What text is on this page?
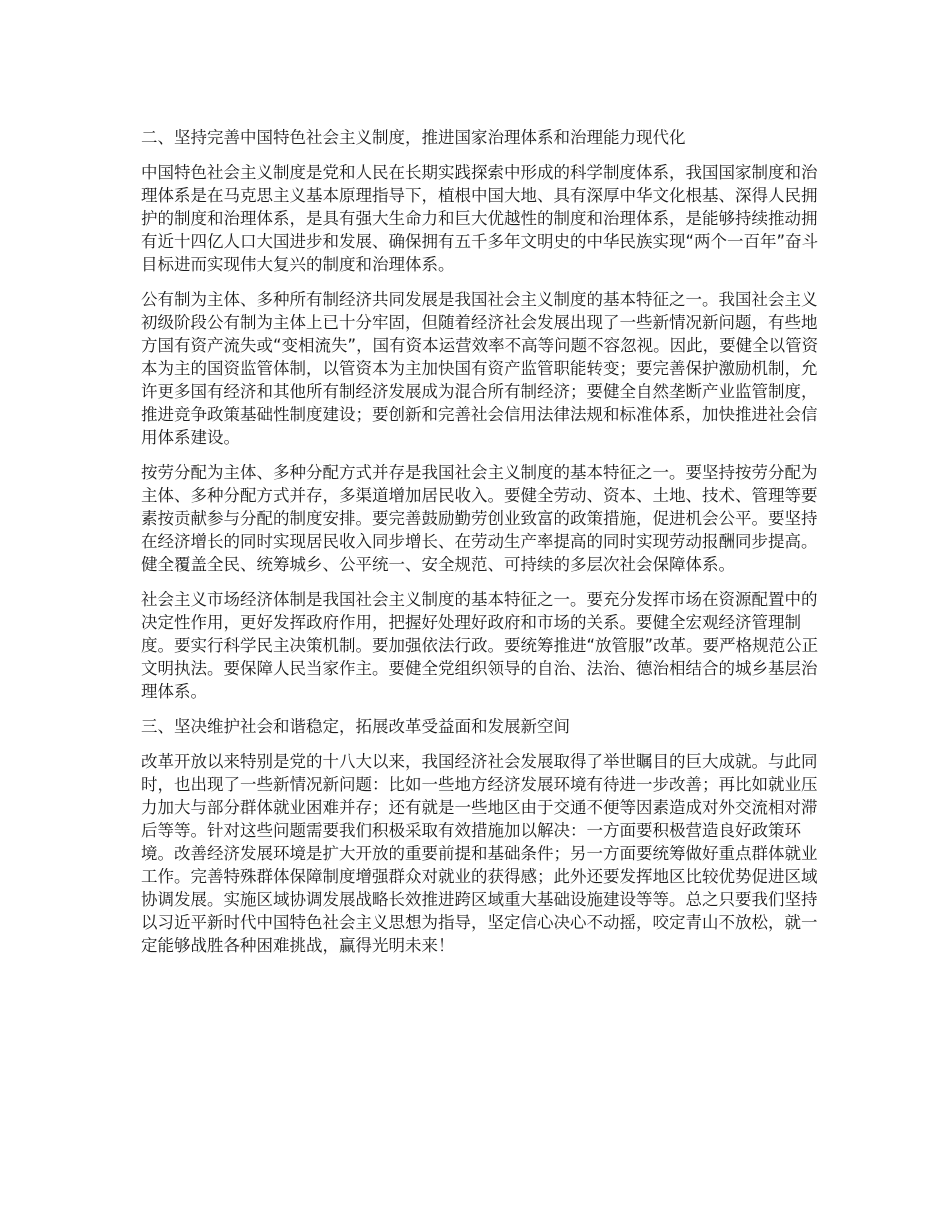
二、坚持完善中国特色社会主义制度，推进国家治理体系和治理能力现代化

中国特色社会主义制度是党和人民在长期实践探索中形成的科学制度体系，我国国家制度和治理体系是在马克思主义基本原理指导下，植根中国大地、具有深厚中华文化根基、深得人民拥护的制度和治理体系，是具有强大生命力和巨大优越性的制度和治理体系，是能够持续推动拥有近十四亿人口大国进步和发展、确保拥有五千多年文明史的中华民族实现“两个一百年”奋斗目标进而实现伟大复兴的制度和治理体系。

公有制为主体、多种所有制经济共同发展是我国社会主义制度的基本特征之一。我国社会主义初级阶段公有制为主体上已十分牢固，但随着经济社会发展出现了一些新情况新问题，有些地方国有资产流失或“变相流失”，国有资本运营效率不高等问题不容忽视。因此，要健全以管资本为主的国资监管体制，以管资本为主加快国有资产监管职能转变；要完善保护激励机制，允许更多国有经济和其他所有制经济发展成为混合所有制经济；要健全自然垄断产业监管制度，推进竞争政策基础性制度建设；要创新和完善社会信用法律法规和标准体系，加快推进社会信用体系建设。

按劳分配为主体、多种分配方式并存是我国社会主义制度的基本特征之一。要坚持按劳分配为主体、多种分配方式并存，多渠道增加居民收入。要健全劳动、资本、土地、技术、管理等要素按贡献参与分配的制度安排。要完善鼓励勤劳创业致富的政策措施，促进机会公平。要坚持在经济增长的同时实现居民收入同步增长、在劳动生产率提高的同时实现劳动报酬同步提高。健全覆盖全民、统筹城乡、公平统一、安全规范、可持续的多层次社会保障体系。

社会主义市场经济体制是我国社会主义制度的基本特征之一。要充分发挥市场在资源配置中的决定性作用，更好发挥政府作用，把握好处理好政府和市场的关系。要健全宏观经济管理制度。要实行科学民主决策机制。要加强依法行政。要统筹推进“放管服”改革。要严格规范公正文明执法。要保障人民当家作主。要健全党组织领导的自治、法治、德治相结合的城乡基层治理体系。

三、坚决维护社会和谐稳定，拓展改革受益面和发展新空间

改革开放以来特别是党的十八大以来，我国经济社会发展取得了举世瞩目的巨大成就。与此同时，也出现了一些新情况新问题：比如一些地方经济发展环境有待进一步改善；再比如就业压力加大与部分群体就业困难并存；还有就是一些地区由于交通不便等因素造成对外交流相对滞后等等。针对这些问题需要我们积极采取有效措施加以解决：一方面要积极营造良好政策环境。改善经济发展环境是扩大开放的重要前提和基础条件；另一方面要统筹做好重点群体就业工作。完善特殊群体保障制度增强群众对就业的获得感；此外还要发挥地区比较优势促进区域协调发展。实施区域协调发展战略长效推进跨区域重大基础设施建设等等。总之只要我们坚持以习近平新时代中国特色社会主义思想为指导，坚定信心决心不动摇，咬定青山不放松，就一定能够战胜各种困难挑战，赢得光明未来！
